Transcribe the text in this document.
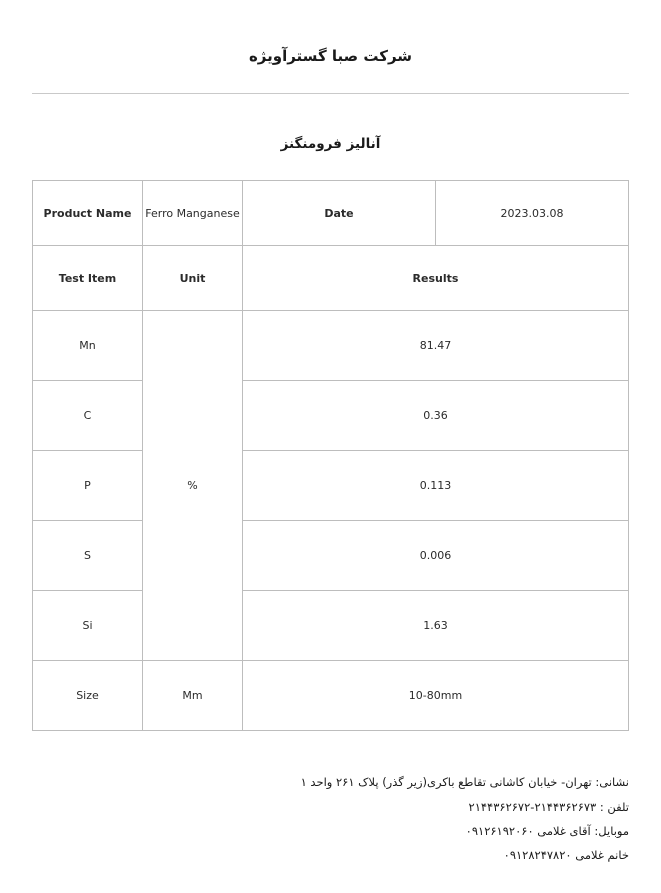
شرکت صبا گسترآویژه
آنالیز فرومنگنز
Product Name	Ferro Manganese	Date	2023.03.08
Test Item	Unit	Results	
Mn	%	81.47	
C		0.36	
P		0.113	
S		0.006	
Si		1.63	
Size	Mm	10-80mm	
نشانی: تهران- خیابان کاشانی تقاطع باکری(زیر گذر) پلاک ۲۶۱ واحد ۱
تلفن : ۲۱۴۴۳۶۲۶۷۳-۲۱۴۴۳۶۲۶۷۲
موبایل: آقای غلامی ۰۹۱۲۶۱۹۲۰۶۰
خانم غلامی ۰۹۱۲۸۲۴۷۸۲۰
